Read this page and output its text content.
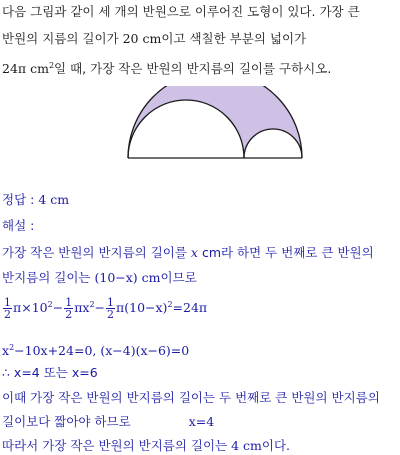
다음 그림과 같이 세 개의 반원으로 이루어진 도형이 있다. 가장 큰
반원의 지름의 길이가 20 cm이고 색칠한 부분의 넓이가
24π $cm^2$일 때, 가장 작은 반원의 반지름의 길이를 구하시오.
정답 : 4 cm
해설 :
가장 작은 반원의 반지름의 길이를 x cm라 하면 두 번째로 큰 반원의
반지름의 길이는 (10−x) cm이므로
$\frac{1}{2} \pi\times 10^2- \frac{1}{2} \pi x^2- \frac{1}{2} \pi(10-x)^2=24\pi$
$x^2-10x+24=0$, (x−4)(x−6)=0
∴ x=4 또는 x=6
이때 가장 작은 반원의 반지름의 길이는 두 번째로 큰 반원의 반지름의
길이보다 짧아야 하므로	x=4
따라서 가장 작은 반원의 반지름의 길이는 4 cm이다.
